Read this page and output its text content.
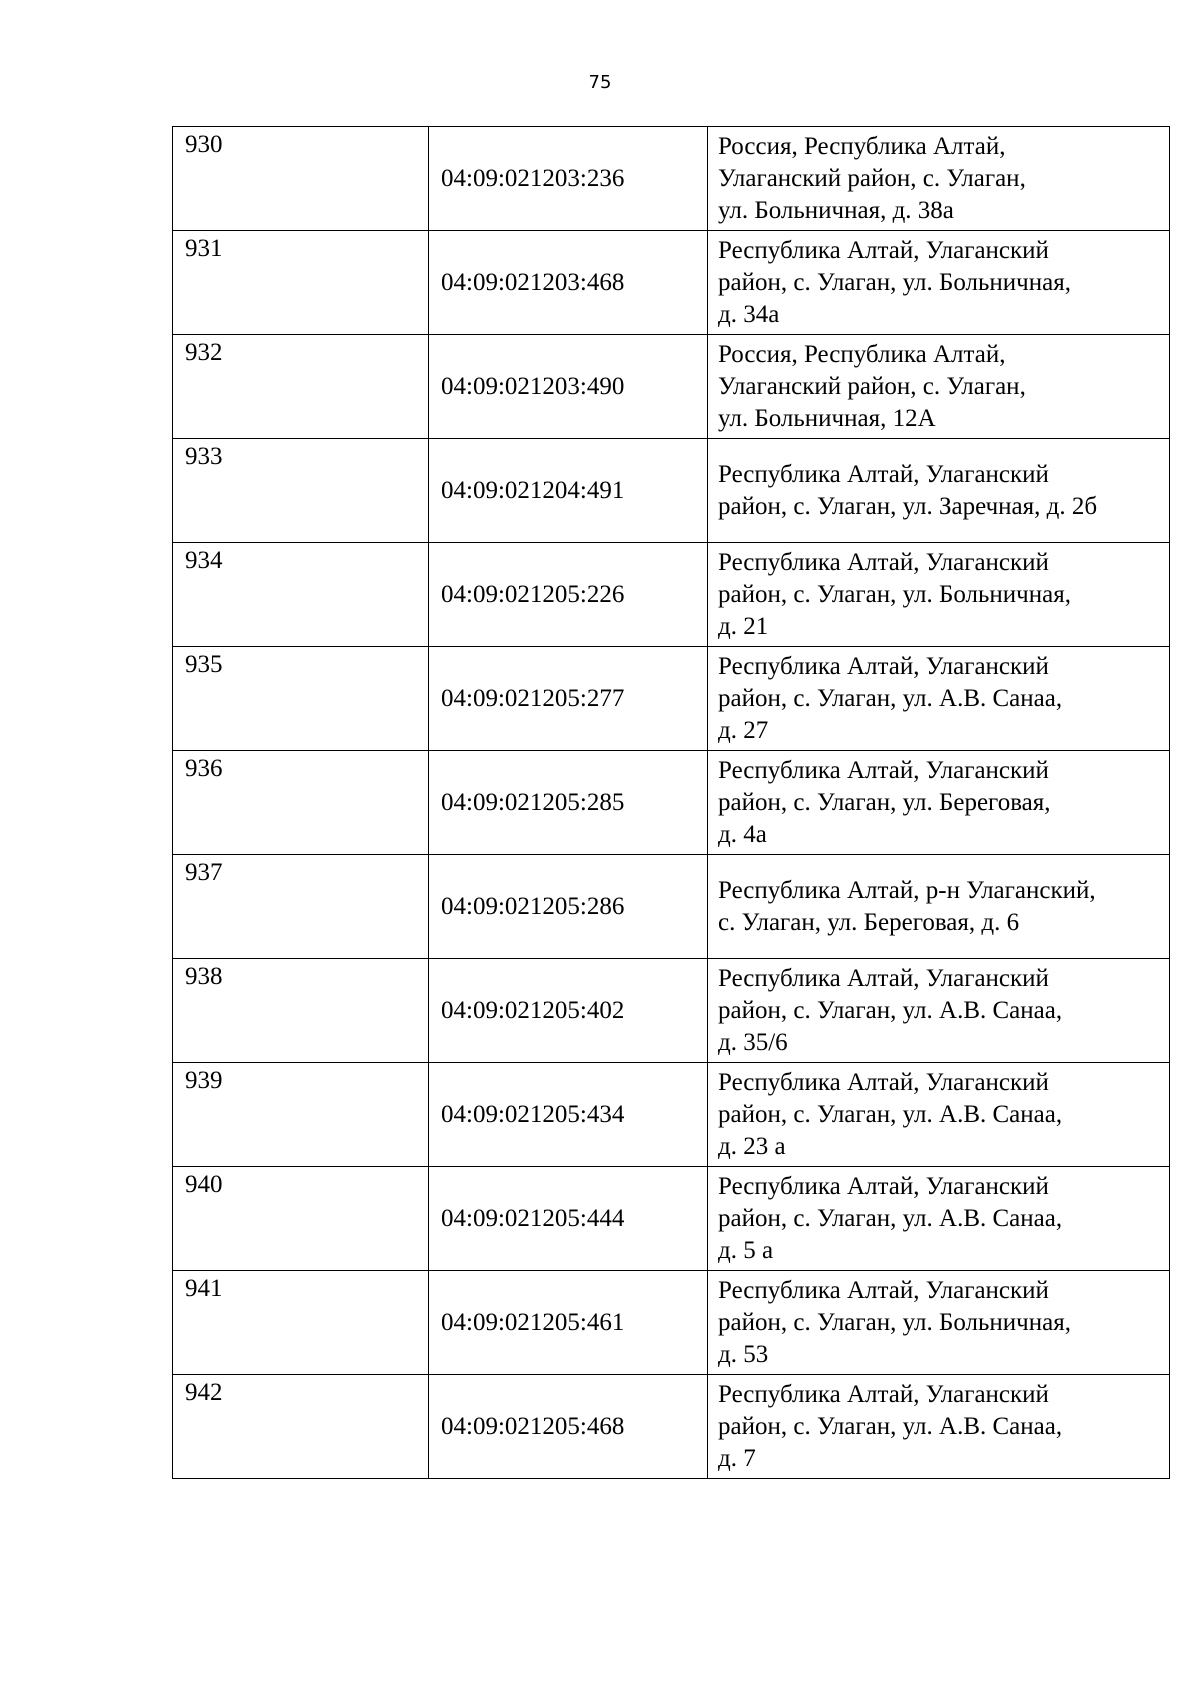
75
930	04:09:021203:236	Россия, Республика Алтай,
Улаганский район, с. Улаган,
ул. Больничная, д. 38а

931	04:09:021203:468	Республика Алтай, Улаганский
район, с. Улаган, ул. Больничная,
д. 34а

932	04:09:021203:490	Россия, Республика Алтай,
Улаганский район, с. Улаган,
ул. Больничная, 12А

933	04:09:021204:491	Республика Алтай, Улаганский
район, с. Улаган, ул. Заречная, д. 2б

934	04:09:021205:226	Республика Алтай, Улаганский
район, с. Улаган, ул. Больничная,
д. 21

935	04:09:021205:277	Республика Алтай, Улаганский
район, с. Улаган, ул. А.В. Санаа,
д. 27

936	04:09:021205:285	Республика Алтай, Улаганский
район, с. Улаган, ул. Береговая,
д. 4а

937	04:09:021205:286	Республика Алтай, р-н Улаганский,
с. Улаган, ул. Береговая, д. 6

938	04:09:021205:402	Республика Алтай, Улаганский
район, с. Улаган, ул. А.В. Санаа,
д. 35/6

939	04:09:021205:434	Республика Алтай, Улаганский
район, с. Улаган, ул. А.В. Санаа,
д. 23 а

940	04:09:021205:444	Республика Алтай, Улаганский
район, с. Улаган, ул. А.В. Санаа,
д. 5 а

941	04:09:021205:461	Республика Алтай, Улаганский
район, с. Улаган, ул. Больничная,
д. 53

942	04:09:021205:468	Республика Алтай, Улаганский
район, с. Улаган, ул. А.В. Санаа,
д. 7
